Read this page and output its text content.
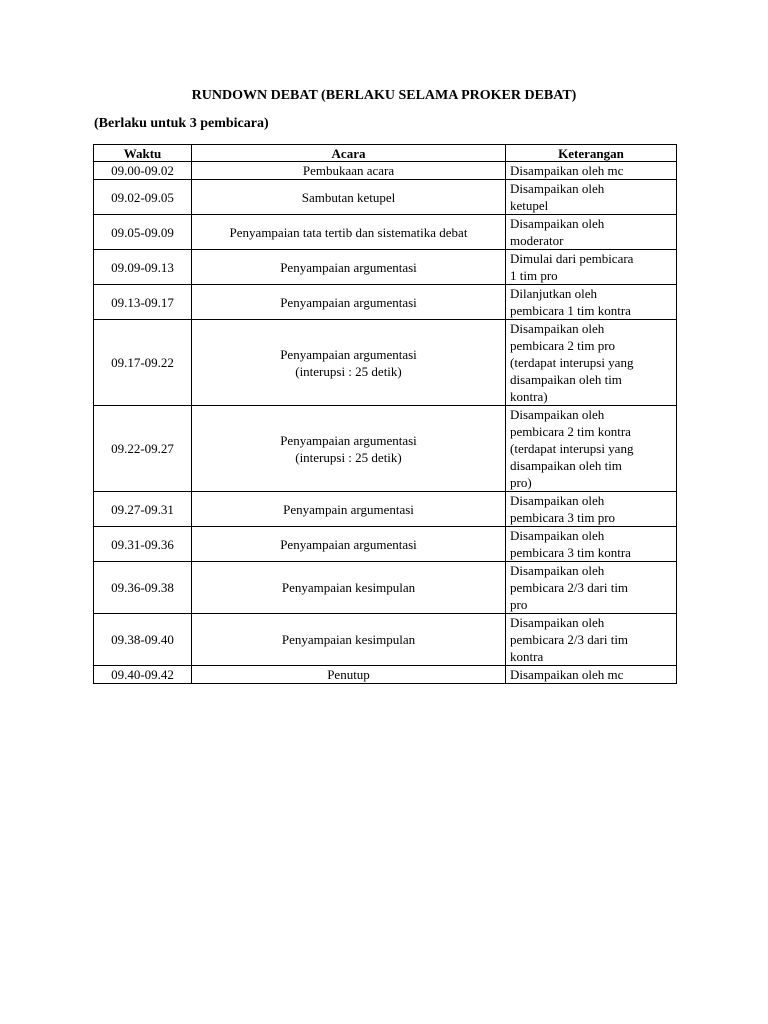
RUNDOWN DEBAT (BERLAKU SELAMA PROKER DEBAT)
(Berlaku untuk 3 pembicara)
Waktu	Acara	Keterangan
09.00-09.02	Pembukaan acara	Disampaikan oleh mc

09.02-09.05	Sambutan ketupel	Disampaikan oleh
ketupel

09.05-09.09	Penyampaian tata tertib dan sistematika debat	Disampaikan oleh
moderator

09.09-09.13	Penyampaian argumentasi	Dimulai dari pembicara
1 tim pro

09.13-09.17	Penyampaian argumentasi	Dilanjutkan oleh
pembicara 1 tim kontra

09.17-09.22	Penyampaian argumentasi
(interupsi : 25 detik)	Disampaikan oleh
pembicara 2 tim pro
(terdapat interupsi yang
disampaikan oleh tim
kontra)

09.22-09.27	Penyampaian argumentasi
(interupsi : 25 detik)	Disampaikan oleh
pembicara 2 tim kontra
(terdapat interupsi yang
disampaikan oleh tim
pro)

09.27-09.31	Penyampain argumentasi	Disampaikan oleh
pembicara 3 tim pro

09.31-09.36	Penyampaian argumentasi	Disampaikan oleh
pembicara 3 tim kontra

09.36-09.38	Penyampaian kesimpulan	Disampaikan oleh
pembicara 2/3 dari tim
pro

09.38-09.40	Penyampaian kesimpulan	Disampaikan oleh
pembicara 2/3 dari tim
kontra

09.40-09.42	Penutup	Disampaikan oleh mc
